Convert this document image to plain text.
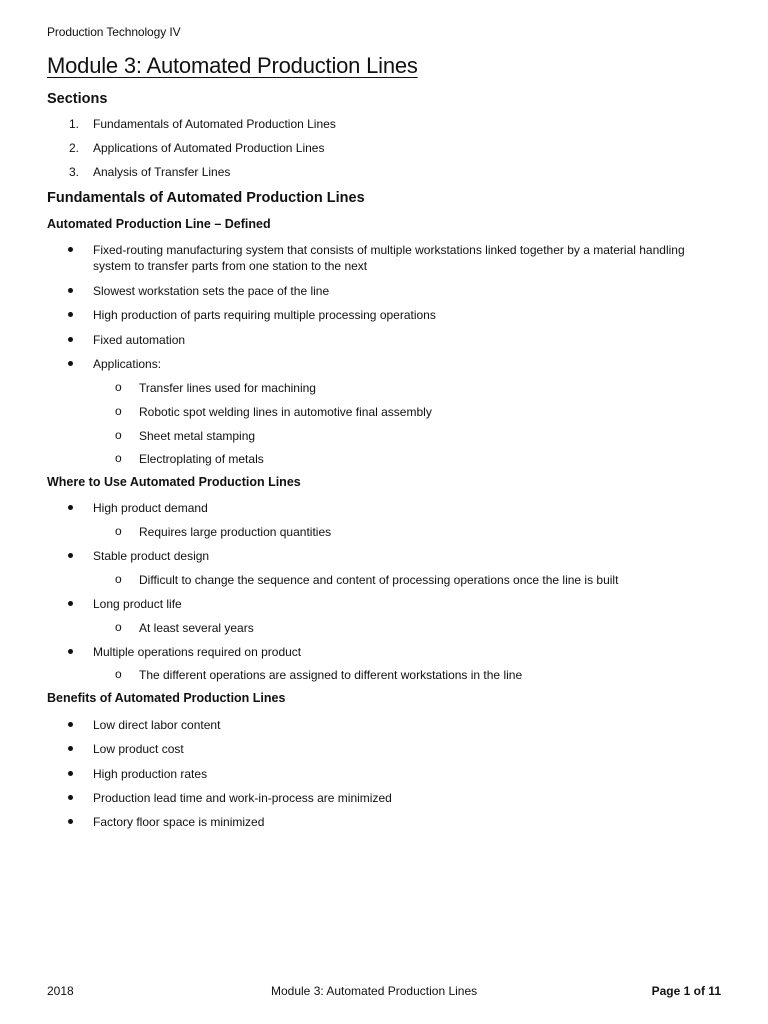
Production Technology IV
Module 3: Automated Production Lines
Sections
1. Fundamentals of Automated Production Lines
2. Applications of Automated Production Lines
3. Analysis of Transfer Lines
Fundamentals of Automated Production Lines
Automated Production Line – Defined
Fixed-routing manufacturing system that consists of multiple workstations linked together by a material handling system to transfer parts from one station to the next
Slowest workstation sets the pace of the line
High production of parts requiring multiple processing operations
Fixed automation
Applications:
o Transfer lines used for machining
o Robotic spot welding lines in automotive final assembly
o Sheet metal stamping
o Electroplating of metals
Where to Use Automated Production Lines
High product demand
o Requires large production quantities
Stable product design
o Difficult to change the sequence and content of processing operations once the line is built
Long product life
o At least several years
Multiple operations required on product
o The different operations are assigned to different workstations in the line
Benefits of Automated Production Lines
Low direct labor content
Low product cost
High production rates
Production lead time and work-in-process are minimized
Factory floor space is minimized
2018	Module 3: Automated Production Lines	Page 1 of 11
